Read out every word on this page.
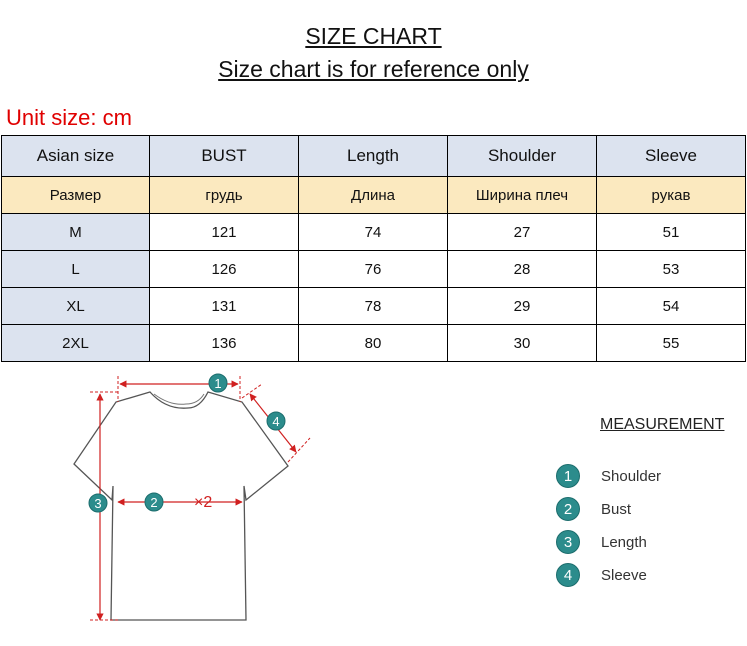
SIZE CHART
Size chart is for reference only
Unit size: cm
Asian size	BUST	Length	Shoulder	Sleeve
Размер	грудь	Длина	Ширина плеч	рукав
M	121	74	27	51
L	126	76	28	53
XL	131	78	29	54
2XL	136	80	30	55
1
4
2
3	×2
MEASUREMENT
1	Shoulder
2	Bust
3	Length
4	Sleeve
